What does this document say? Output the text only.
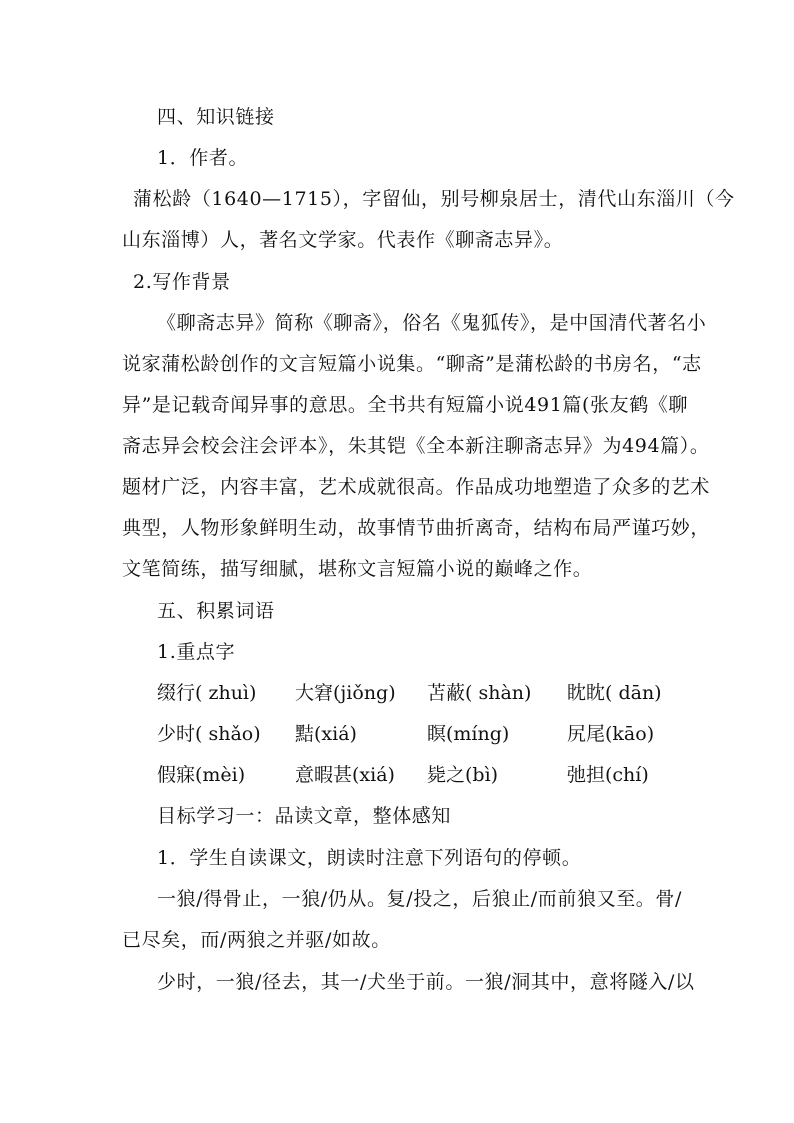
四、知识链接
1．作者。
蒲松龄（1640—1715），字留仙，别号柳泉居士，清代山东淄川（今
山东淄博）人，著名文学家。代表作《聊斋志异》。
2.写作背景
《聊斋志异》简称《聊斋》，俗名《鬼狐传》，是中国清代著名小
说家蒲松龄创作的文言短篇小说集。“聊斋”是蒲松龄的书房名，“志
异”是记载奇闻异事的意思。全书共有短篇小说491篇(张友鹤《聊
斋志异会校会注会评本》，朱其铠《全本新注聊斋志异》为494篇）。
题材广泛，内容丰富，艺术成就很高。作品成功地塑造了众多的艺术
典型，人物形象鲜明生动，故事情节曲折离奇，结构布局严谨巧妙，
文笔简练，描写细腻，堪称文言短篇小说的巅峰之作。
五、积累词语
1.重点字
缀行( zhuì) 大窘(jiǒng) 苫蔽( shàn) 眈眈( dān)
少时( shǎo) 黠(xiá)	瞑(míng)	尻尾(kāo)
假寐(mèi)	意暇甚(xiá) 毙之(bì)	弛担(chí)
目标学习一：品读文章，整体感知
1．学生自读课文，朗读时注意下列语句的停顿。
一狼/得骨止，一狼/仍从。复/投之，后狼止/而前狼又至。骨/
已尽矣，而/两狼之并驱/如故。
少时，一狼/径去，其一/犬坐于前。一狼/洞其中，意将隧入/以
